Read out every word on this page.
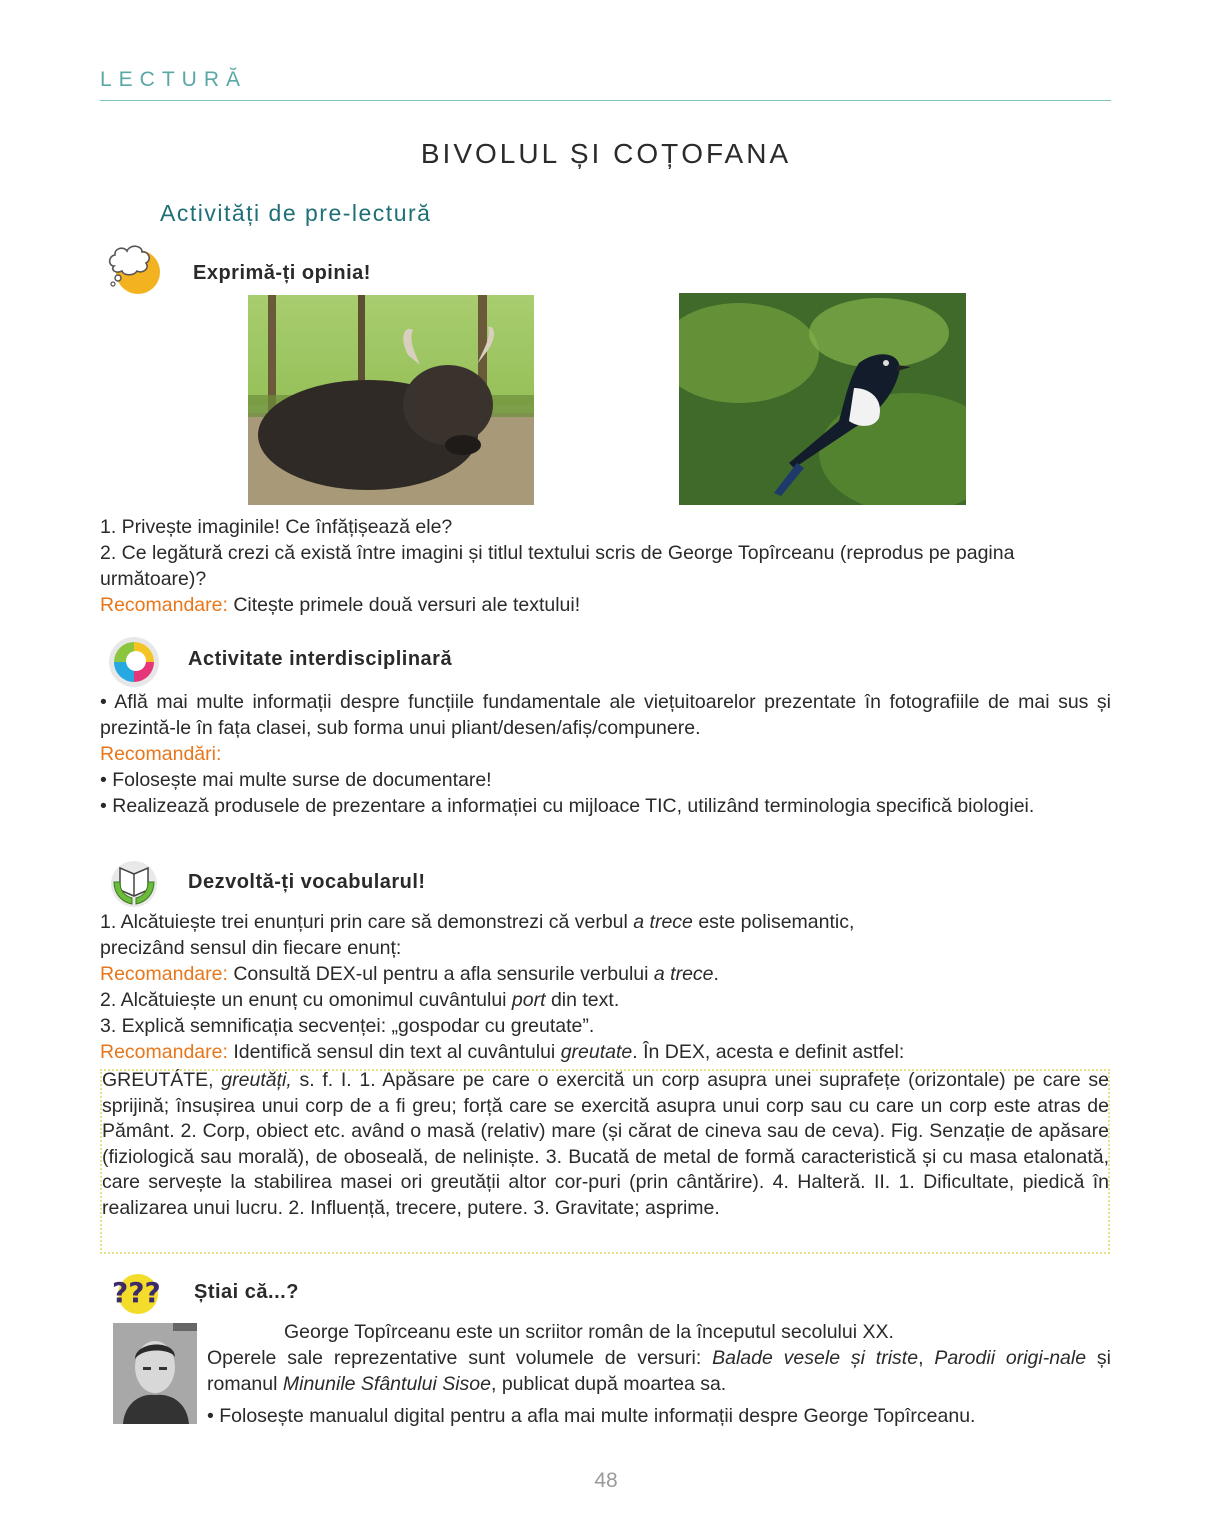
LECTURĂ
BIVOLUL ȘI COȚOFANA
Activități de pre-lectură
Exprimă-ți opinia!
1. Privește imaginile! Ce înfățișează ele?
2. Ce legătură crezi că există între imagini și titlul textului scris de George Topîrceanu (reprodus pe pagina următoare)?
Recomandare: Citește primele două versuri ale textului!
Activitate interdisciplinară
• Află mai multe informații despre funcțiile fundamentale ale viețuitoarelor prezentate în fotografiile de mai sus și prezintă-le în fața clasei, sub forma unui pliant/desen/afiș/compunere.
Recomandări:
• Folosește mai multe surse de documentare!
• Realizează produsele de prezentare a informației cu mijloace TIC, utilizând terminologia specifică biologiei.
Dezvoltă-ți vocabularul!
1. Alcătuiește trei enunțuri prin care să demonstrezi că verbul a trece este polisemantic,
precizând sensul din fiecare enunț:
Recomandare: Consultă DEX-ul pentru a afla sensurile verbului a trece.
2. Alcătuiește un enunț cu omonimul cuvântului port din text.
3. Explică semnificația secvenței: „gospodar cu greutate”.
Recomandare: Identifică sensul din text al cuvântului greutate. În DEX, acesta e definit astfel:
GREUTÁTE, greutăți, s. f. I. 1. Apăsare pe care o exercită un corp asupra unei suprafețe (orizontale) pe care se sprijină; însușirea unui corp de a fi greu; forță care se exercită asupra unui corp sau cu care un corp este atras de Pământ. 2. Corp, obiect etc. având o masă (relativ) mare (și cărat de cineva sau de ceva). Fig. Senzație de apăsare (fiziologică sau morală), de oboseală, de neliniște. 3. Bucată de metal de formă caracteristică și cu masa etalonată, care servește la stabilirea masei ori greutății altor cor-puri (prin cântărire). 4. Halteră. II. 1. Dificultate, piedică în realizarea unui lucru. 2. Influență, trecere, putere. 3. Gravitate; asprime.
??? Știai că...?
George Topîrceanu este un scriitor român de la începutul secolului XX.
Operele sale reprezentative sunt volumele de versuri: Balade vesele și triste, Parodii origi-nale și romanul Minunile Sfântului Sisoe, publicat după moartea sa.
• Folosește manualul digital pentru a afla mai multe informații despre George Topîrceanu.
48
